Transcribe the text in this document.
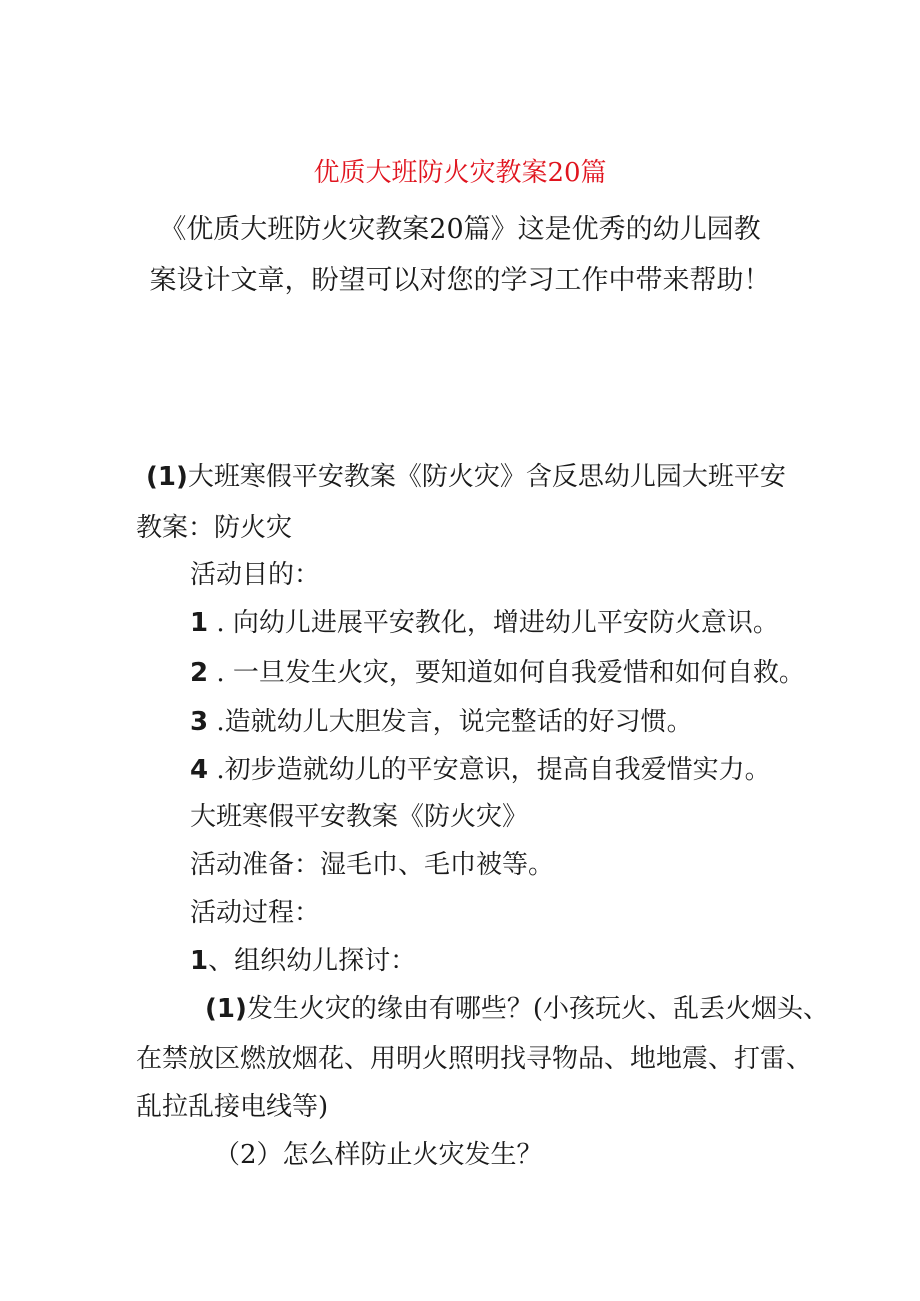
优质大班防火灾教案20篇
《优质大班防火灾教案20篇》这是优秀的幼儿园教
案设计文章，盼望可以对您的学习工作中带来帮助！
(1)大班寒假平安教案《防火灾》含反思幼儿园大班平安
教案：防火灾
活动目的：
1 . 向幼儿进展平安教化，增进幼儿平安防火意识。
2 . 一旦发生火灾，要知道如何自我爱惜和如何自救。
3 .造就幼儿大胆发言，说完整话的好习惯。
4 .初步造就幼儿的平安意识，提高自我爱惜实力。
大班寒假平安教案《防火灾》
活动准备：湿毛巾、毛巾被等。
活动过程：
1、组织幼儿探讨：
(1)发生火灾的缘由有哪些？(小孩玩火、乱丢火烟头、
在禁放区燃放烟花、用明火照明找寻物品、地地震、打雷、
乱拉乱接电线等)
（2）怎么样防止火灾发生？
